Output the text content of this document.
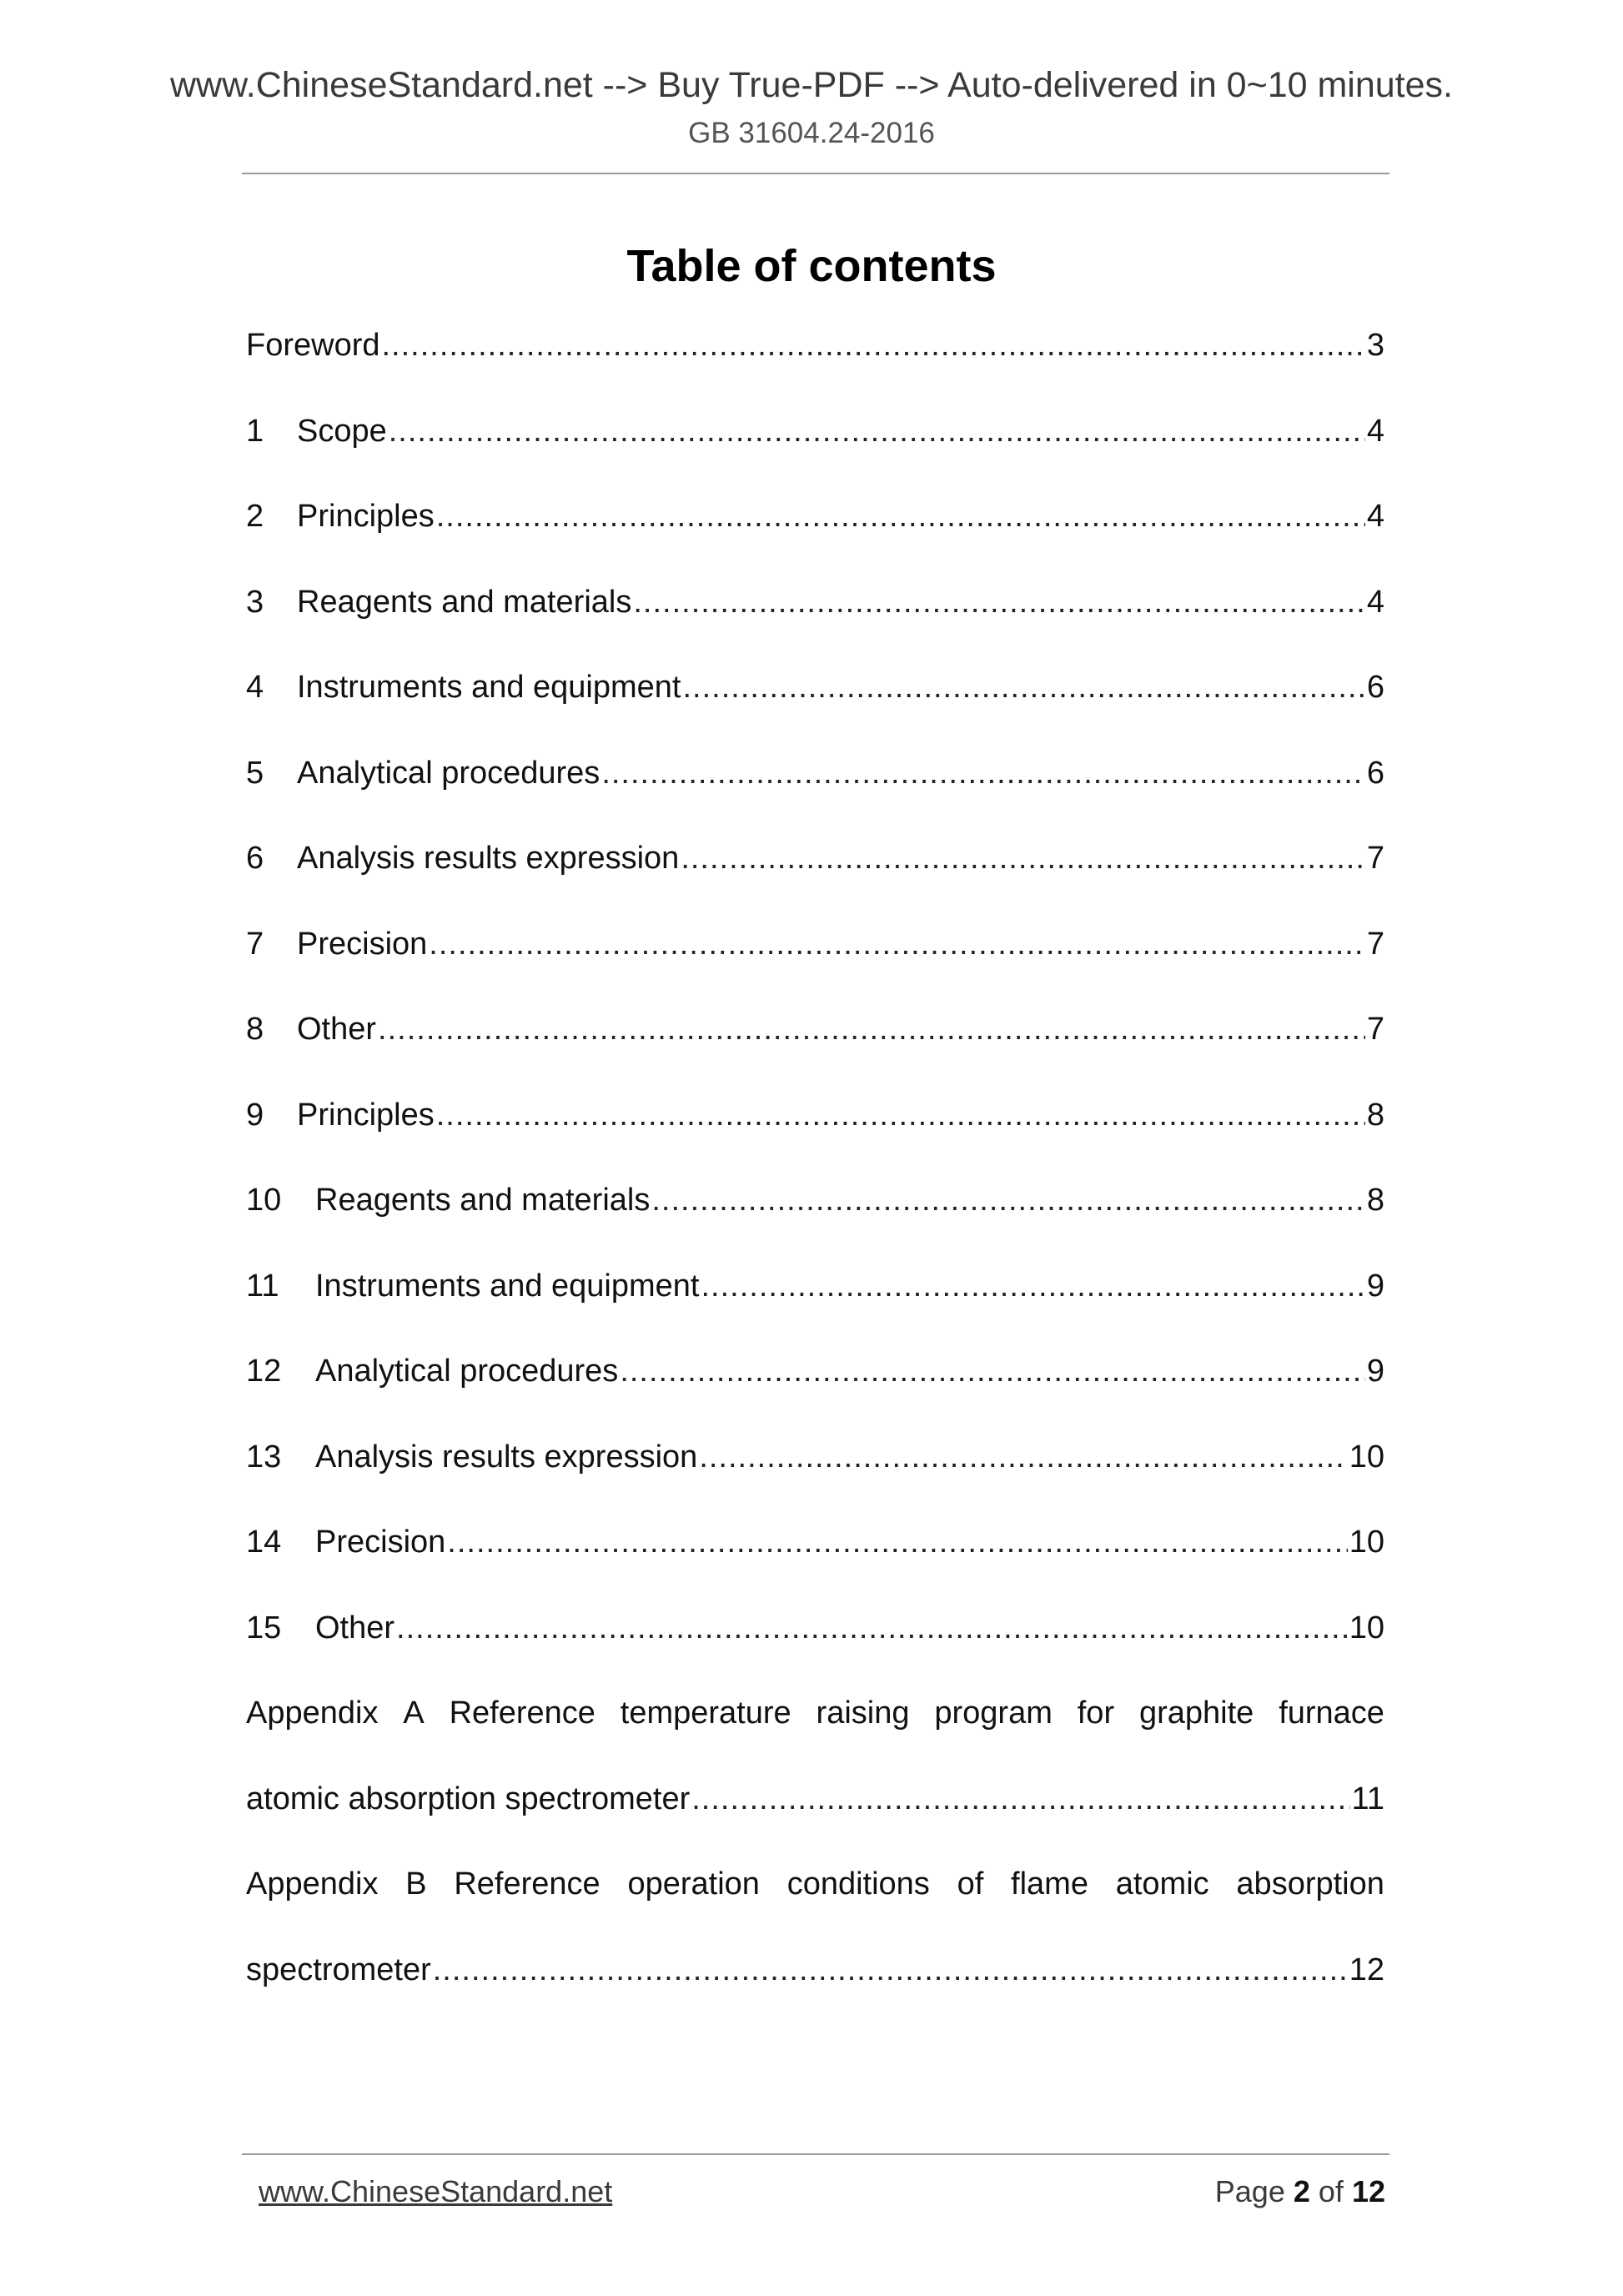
www.ChineseStandard.net --> Buy True-PDF --> Auto-delivered in 0~10 minutes.
GB 31604.24-2016
Table of contents
Foreword .....	3
1	Scope .....	4
2	Principles .....	4
3	Reagents and materials .....	4
4	Instruments and equipment .....	6
5	Analytical procedures .....	6
6	Analysis results expression .....	7
7	Precision .....	7
8	Other .....	7
9	Principles .....	8
10	Reagents and materials .....	8
11	Instruments and equipment .....	9
12	Analytical procedures .....	9
13	Analysis results expression .....	10
14	Precision .....	10
15	Other .....	10
Appendix A Reference temperature raising program for graphite furnace
atomic absorption spectrometer .....	11
Appendix B Reference operation conditions of flame atomic absorption
spectrometer .....	12
www.ChineseStandard.net	Page 2 of 12
